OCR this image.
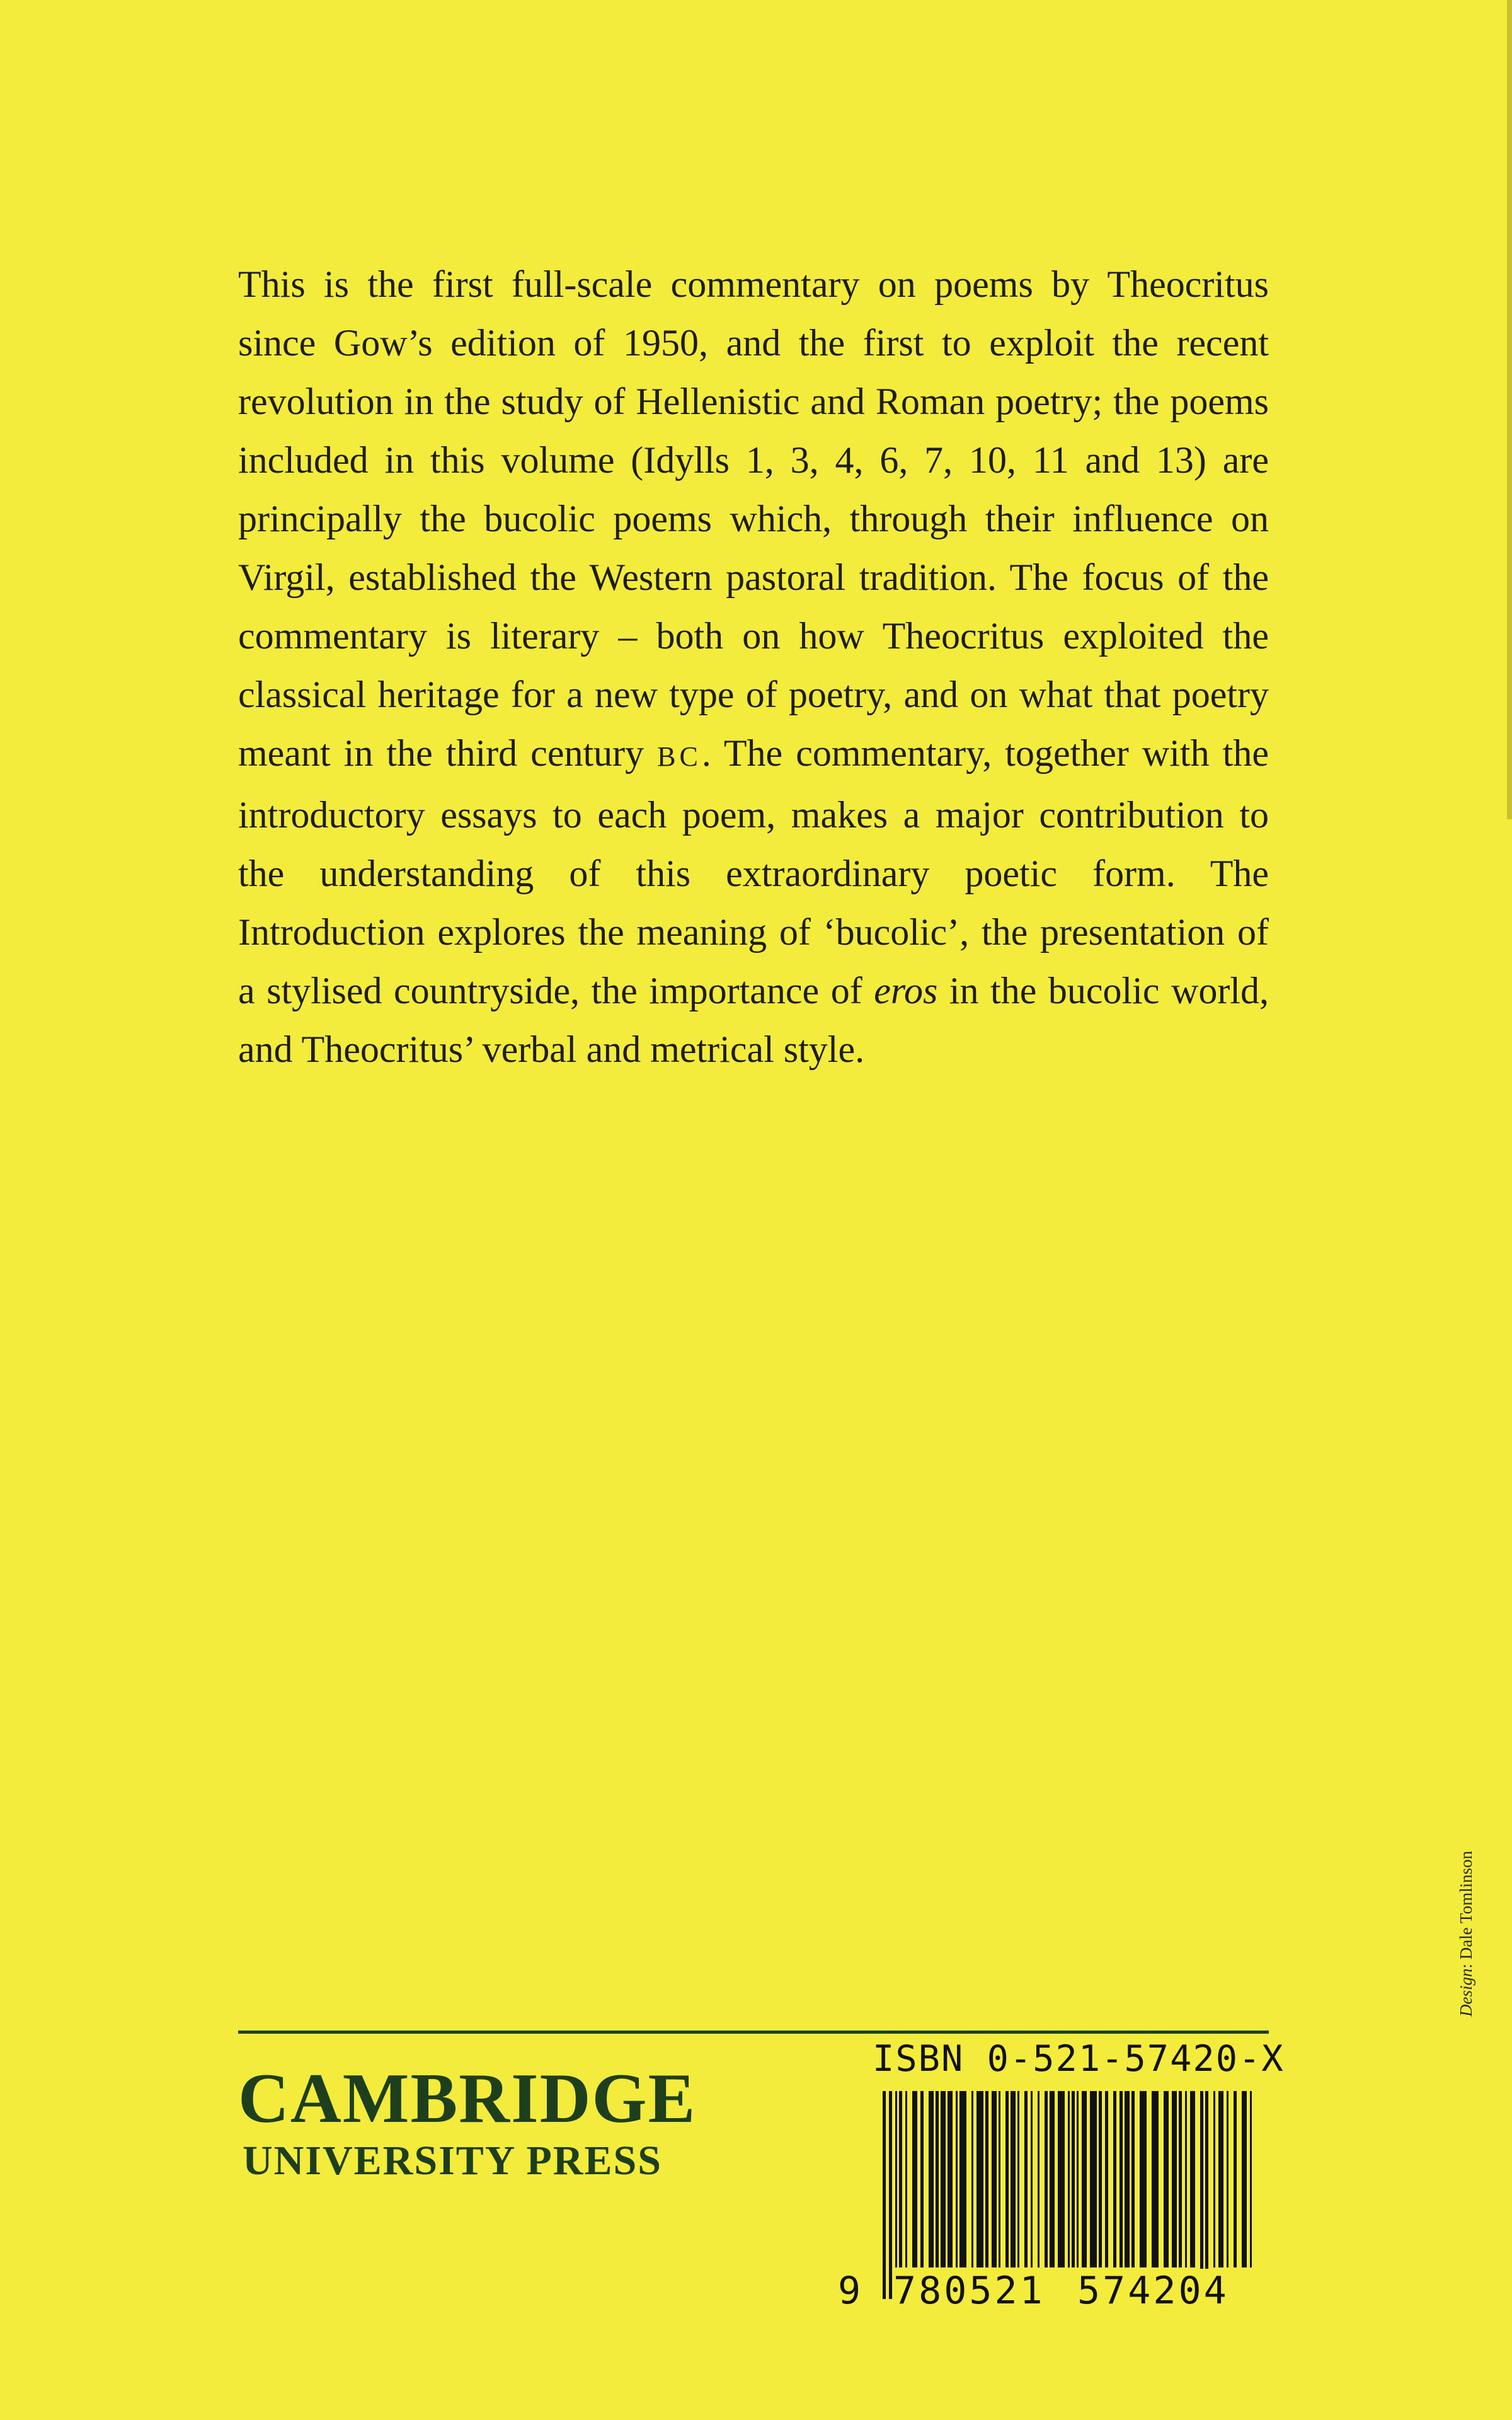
This is the first full-scale commentary on poems by Theocritus since Gow’s edition of 1950, and the first to exploit the recent revolution in the study of Hellenistic and Roman poetry; the poems included in this volume (Idylls 1, 3, 4, 6, 7, 10, 11 and 13) are principally the bucolic poems which, through their influence on Virgil, established the Western pastoral tradition. The focus of the commentary is literary – both on how Theocritus exploited the classical heritage for a new type of poetry, and on what that poetry meant in the third century BC. The commentary, together with the introductory essays to each poem, makes a major contribution to the understanding of this extraordinary poetic form. The Introduction explores the meaning of ‘bucolic’, the presentation of a stylised countryside, the importance of eros in the bucolic world, and Theocritus’ verbal and metrical style.

CAMBRIDGE
UNIVERSITY PRESS
ISBN 0-521-57420-X
9 780521 574204
Design: Dale Tomlinson
